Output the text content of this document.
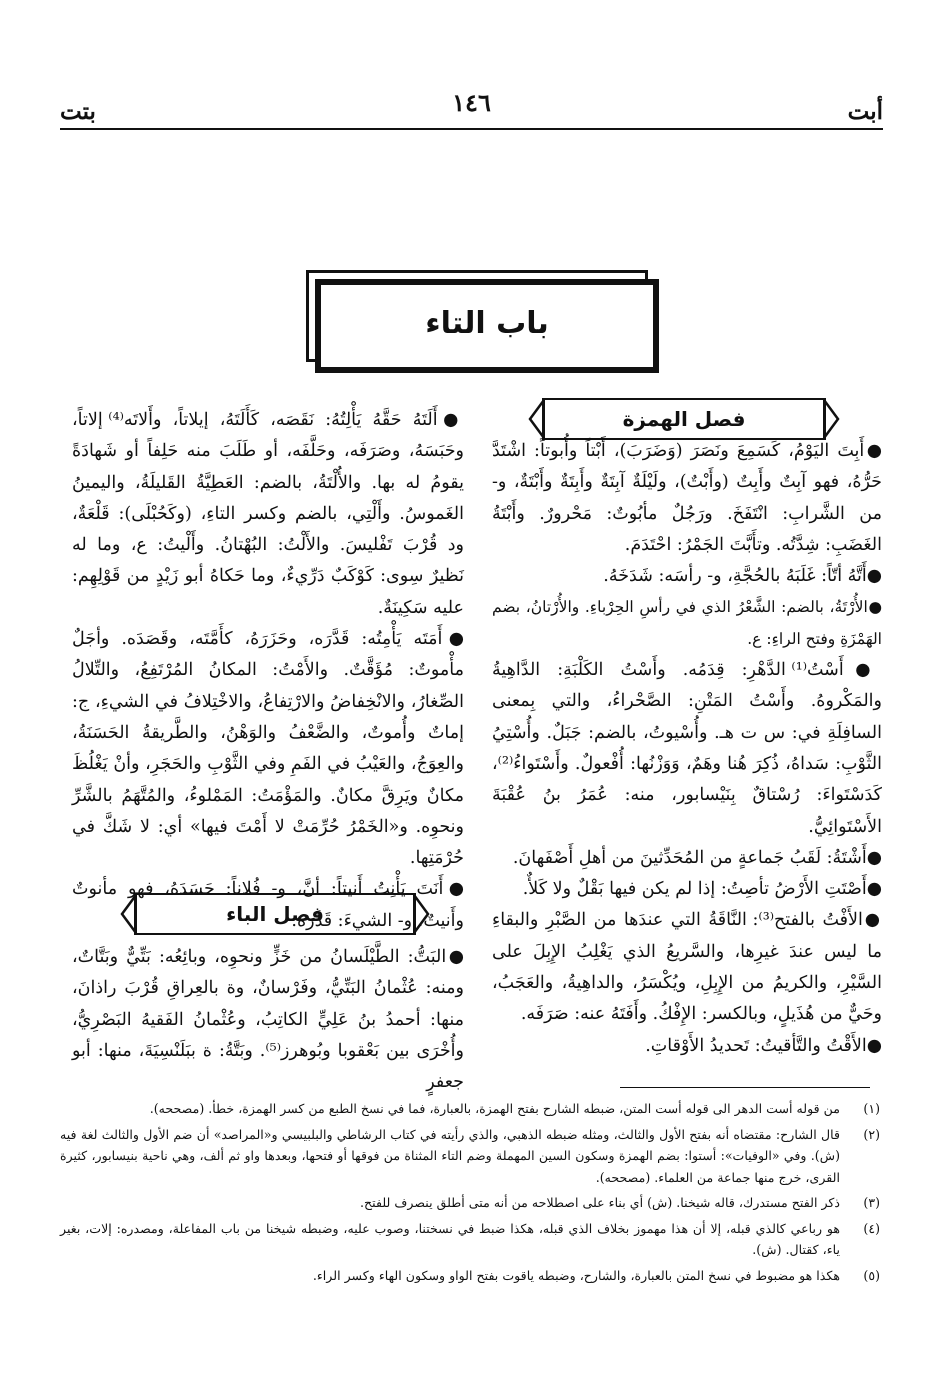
أبت
١٤٦
بتت
باب التاء
فصل الهمزة

●أَبِتَ اليَوْمُ، كَسَمِعَ ونَصَرَ (وَضَرَبَ)، أَبْتاً وأُبوتاً: اشْتَدَّ حَرُّهُ، فهو آبِتٌ وأَبِتٌ (وأَبْتٌ)، ولَيْلَةٌ آبِتَةٌ وأَبِتَةٌ وأَبْتَةٌ، و- من الشَّرابِ: انْتَفَخَ. ورَجُلٌ مأبُوتٌ: مَحْرورٌ. وأَبْتَةُ الغَضَبِ: شِدَّتُه. وتأَبَّتَ الجَمْرُ: احْتَدَمَ.

●أَتَّهُ أتّاً: غَلَبَهُ بالحُجَّةِ، و- رأسَه: شَدَخَهُ.

●الأُرْتَةُ، بالضم: الشَّعْرُ الذي في رأسِ الحِرْباءِ. والأُرْتانُ، بضم الهَمْزَةِ وفتح الراءِ: ع.

●أَسْتُ⁽¹⁾ الدَّهْرِ: قِدَمُه. وأَسْتُ الكَلْبَةِ: الدَّاهِيةُ والمَكْروهُ. وأَسْتُ المَتْنِ: الصَّحْراءُ، والتي بِمعنى السافِلَةِ في: س ت هـ. وأُسْيوتُ، بالضم: جَبَلٌ. وأُسْتِيُ الثَّوْبِ: سَداهُ، ذُكِرَ هُنا وهَمٌ، وَوَزْنُها: أُفْعولٌ. وأَسْتَواءُ⁽²⁾، كَدَسْتَواءَ: رُسْتاقٌ بِنَيْسابور، منه: عُمَرُ بنُ عُقْبَةَ الأَسْتَوائِيُّ.

●أَشْتَةُ: لَقَبُ جَماعةٍ من المُحَدِّثينَ من أهلِ أَصْفَهانَ.

●أَصْتَتِ الأَرْضُ تأصِتُ: إذا لم يكن فيها بَقْلٌ ولا كَلأٌ.

●الأَفْتُ بالفتح⁽³⁾: النَّاقَةُ التي عندَها من الصَّبْرِ والبقاءِ ما ليس عندَ غيرِها، والسَّريعُ الذي يَغْلِبُ الإِبِلَ على السَّيْرِ، والكريمُ من الإِبِلِ، ويُكْسَرُ، والداهِيةُ، والعَجَبُ، وحَيٌّ من هُذَيلٍ، وبالكسر: الإِفْكُ. وأَفَتَهُ عنه: صَرَفَه.

●الأَقْتُ والتَّأقيتُ: تَحديدُ الأَوْقاتِ.

●أَلَتَهُ حَقَّهُ يَأْلِتُهُ: نَقَصَه، كَأَلَتَهُ، إيلاتاً، وأَلاتَه⁽⁴⁾ إلاتاً، وحَبَسَهُ، وصَرَفَه، وحَلَّفَه، أو طَلَبَ منه حَلِفاً أو شَهادَةً يقومُ له بها. والأُلْتَةُ، بالضم: العَطِيَّةُ القَليلَةُ، واليمينُ الغَموسُ. وأَلْتِي، بالضم وكسر التاءِ، (وكَحُبْلَى): قَلْعَةٌ، ود قُرْبَ تَفْليسَ. والأَلْتُ: البُهْتانُ. وأَلْيتُ: ع، وما له نَظيرٌ سِوى: كَوْكَبٌ دَرِّيءٌ، وما حَكاهُ أبو زَيْدٍ من قَوْلِهِم: عليه سَكِينَةٌ.

●أَمَتَه يَأْمِتُه: قَدَّرَه، وحَزَرَهُ، كأَمَّتَه، وقَصَدَه. وأجَلٌ مأْموتٌ: مُؤَقَّتٌ. والأَمْتُ: المكانُ المُرْتَفِعُ، والتِّلالُ الصِّغارُ، والانْخِفاضُ والارْتِفاعُ، والاخْتِلافُ في الشيءِ، ج: إماتٌ وأُموتٌ، والضَّعْفُ والوَهْنُ، والطَّريقةُ الحَسَنَةُ، والعِوَجُ، والعَيْبُ في الفَمِ وفي الثَّوْبِ والحَجَرِ، وأنْ يَغْلُظَ مكانٌ ويَرِقَّ مكانٌ. والمَؤْمَتُ: المَمْلوءُ، والمُتَّهَمُ بالشَّرِّ ونحوِه. و«الخَمْرُ حُرِّمَتْ لا أَمْتَ فيها» أي: لا شَكَّ في حُرْمَتِها.

●أَنَتَ يَأْنِتُ أَنيتاً: أنَّ، و- فُلاناً: حَسَدَهُ، فهو مأنوتٌ وأَنيتٌ، و- الشيءَ: قَدَّرَه.

فصل الباء

●البَتُّ: الطَّيْلَسانُ من خَزٍّ ونحوِه، وبائِعُه: بَتِّيٌّ وبَتَّاتٌ، ومنه: عُثْمانُ البَتِّيُّ، وفَرْسانٌ، وة بالعِراقِ قُرْبَ راذانَ، منها: أحمدُ بنُ عَلِيٍّ الكاتِبُ، وعُثْمانُ الفَقيهُ البَصْرِيُّ، وأُخْرَى بين بَعْقوبا وبُوهرز⁽⁵⁾. وبَتَّةُ: ة ببَلَنْسِيَةَ، منها: أبو جعفرٍ

(١)
من قوله أست الدهر الى قوله أست المتن، ضبطه الشارح بفتح الهمزة، بالعبارة، فما في نسخ الطبع من كسر الهمزة، خطأ. (مصححه).
(٢)
قال الشارح: مقتضاه أنه بفتح الأول والثالث، ومثله ضبطه الذهبي، والذي رأيته في كتاب الرشاطي والبلبيسي و«المراصد» أن ضم الأول والثالث لغة فيه (ش). وفي «الوفيات»: أستوا: بضم الهمزة وسكون السين المهملة وضم التاء المثناة من فوقها أو فتحها، وبعدها واو ثم ألف، وهي ناحية بنيسابور، كثيرة القرى، خرج منها جماعة من العلماء. (مصححه).
(٣)
ذكر الفتح مستدرك، قاله شيخنا. (ش) أي بناء على اصطلاحه من أنه متى أطلق ينصرف للفتح.
(٤)
هو رباعي كالذي قبله، إلا أن هذا مهموز بخلاف الذي قبله، هكذا ضبط في نسختنا، وصوب عليه، وضبطه شيخنا من باب المفاعلة، ومصدره: إلات، بغير ياء، كقتال. (ش).
(٥)
هكذا هو مضبوط في نسخ المتن بالعبارة، والشارح، وضبطه ياقوت بفتح الواو وسكون الهاء وكسر الراء.
